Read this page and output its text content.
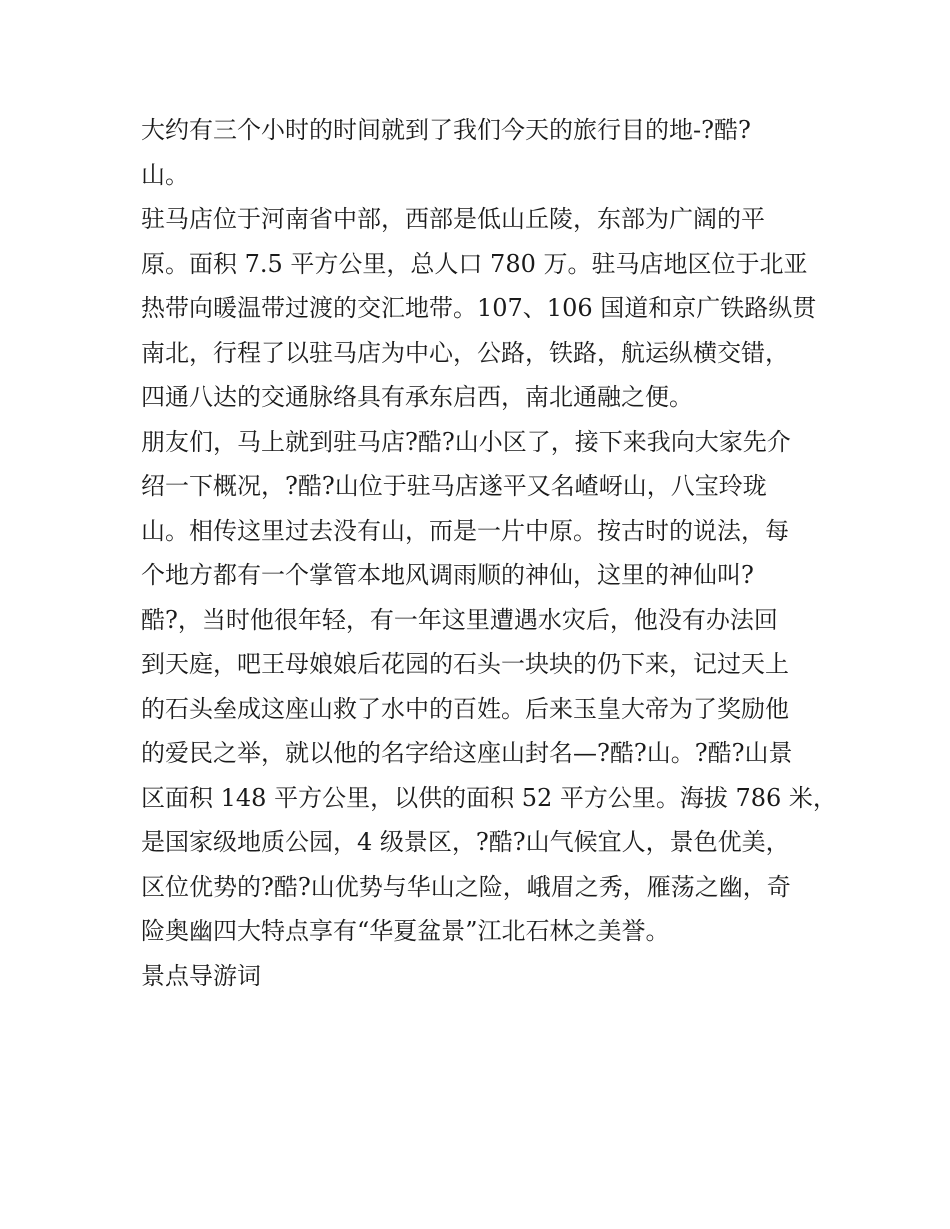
大约有三个小时的时间就到了我们今天的旅行目的地-?酷?
山。
驻马店位于河南省中部，西部是低山丘陵，东部为广阔的平
原。面积 7.5 平方公里，总人口 780 万。驻马店地区位于北亚
热带向暖温带过渡的交汇地带。107、106 国道和京广铁路纵贯
南北，行程了以驻马店为中心，公路，铁路，航运纵横交错，
四通八达的交通脉络具有承东启西，南北通融之便。
朋友们，马上就到驻马店?酷?山小区了，接下来我向大家先介
绍一下概况，?酷?山位于驻马店遂平又名嵖岈山，八宝玲珑
山。相传这里过去没有山，而是一片中原。按古时的说法，每
个地方都有一个掌管本地风调雨顺的神仙，这里的神仙叫?
酷?，当时他很年轻，有一年这里遭遇水灾后，他没有办法回
到天庭，吧王母娘娘后花园的石头一块块的仍下来，记过天上
的石头垒成这座山救了水中的百姓。后来玉皇大帝为了奖励他
的爱民之举，就以他的名字给这座山封名—?酷?山。?酷?山景
区面积 148 平方公里，以供的面积 52 平方公里。海拔 786 米，
是国家级地质公园，4 级景区，?酷?山气候宜人，景色优美，
区位优势的?酷?山优势与华山之险，峨眉之秀，雁荡之幽，奇
险奥幽四大特点享有“华夏盆景”江北石林之美誉。
景点导游词
